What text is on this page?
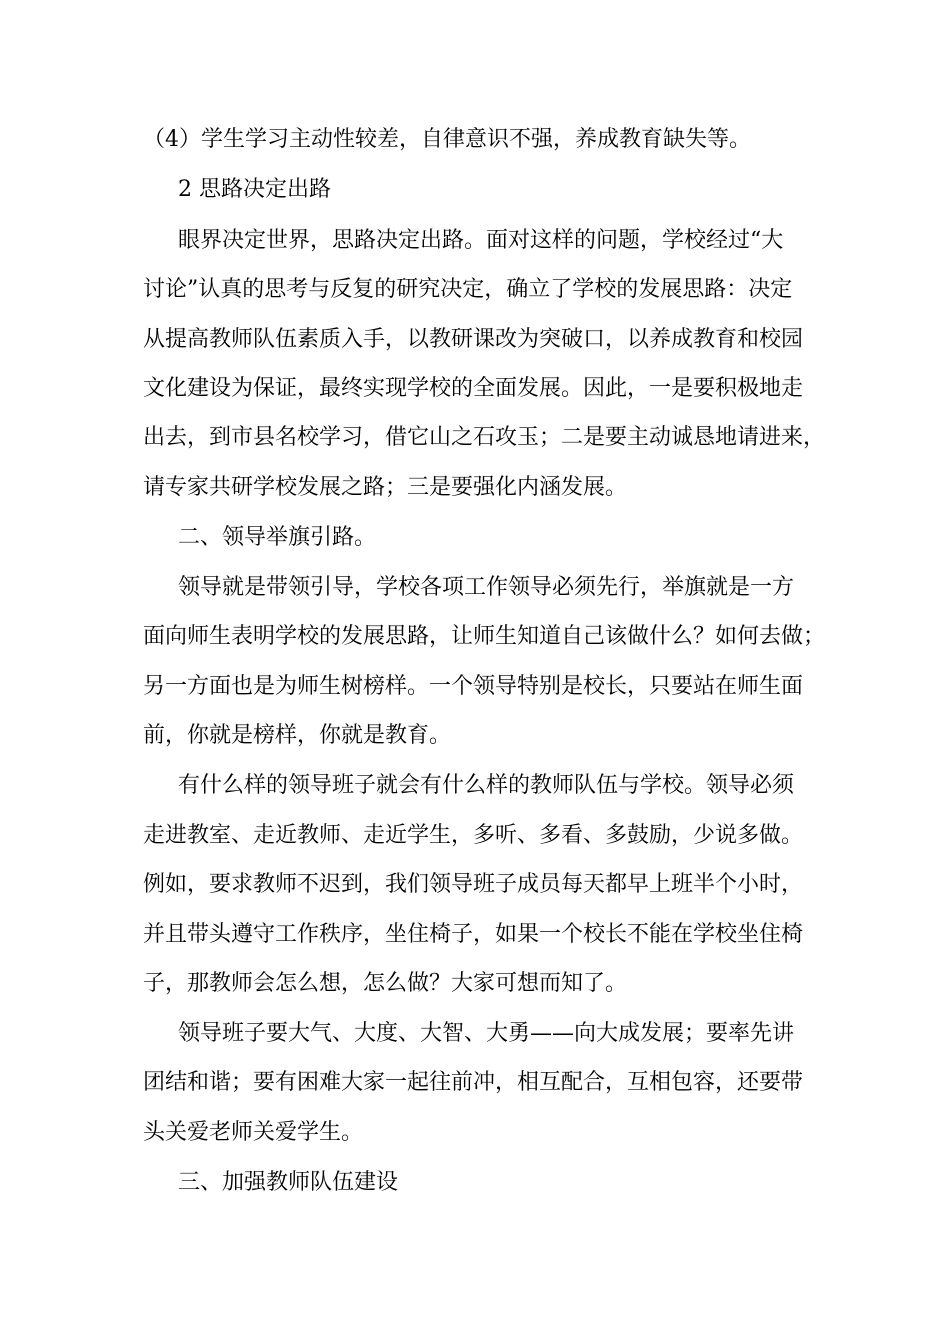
（4）学生学习主动性较差，自律意识不强，养成教育缺失等。
2 思路决定出路
眼界决定世界，思路决定出路。面对这样的问题，学校经过“大
讨论”认真的思考与反复的研究决定，确立了学校的发展思路：决定
从提高教师队伍素质入手，以教研课改为突破口，以养成教育和校园
文化建设为保证，最终实现学校的全面发展。因此，一是要积极地走
出去，到市县名校学习，借它山之石攻玉；二是要主动诚恳地请进来，
请专家共研学校发展之路；三是要强化内涵发展。
二、领导举旗引路。
领导就是带领引导，学校各项工作领导必须先行，举旗就是一方
面向师生表明学校的发展思路，让师生知道自己该做什么？如何去做；
另一方面也是为师生树榜样。一个领导特别是校长，只要站在师生面
前，你就是榜样，你就是教育。
有什么样的领导班子就会有什么样的教师队伍与学校。领导必须
走进教室、走近教师、走近学生，多听、多看、多鼓励，少说多做。
例如，要求教师不迟到，我们领导班子成员每天都早上班半个小时，
并且带头遵守工作秩序，坐住椅子，如果一个校长不能在学校坐住椅
子，那教师会怎么想，怎么做？大家可想而知了。
领导班子要大气、大度、大智、大勇——向大成发展；要率先讲
团结和谐；要有困难大家一起往前冲，相互配合，互相包容，还要带
头关爱老师关爱学生。
三、加强教师队伍建设
